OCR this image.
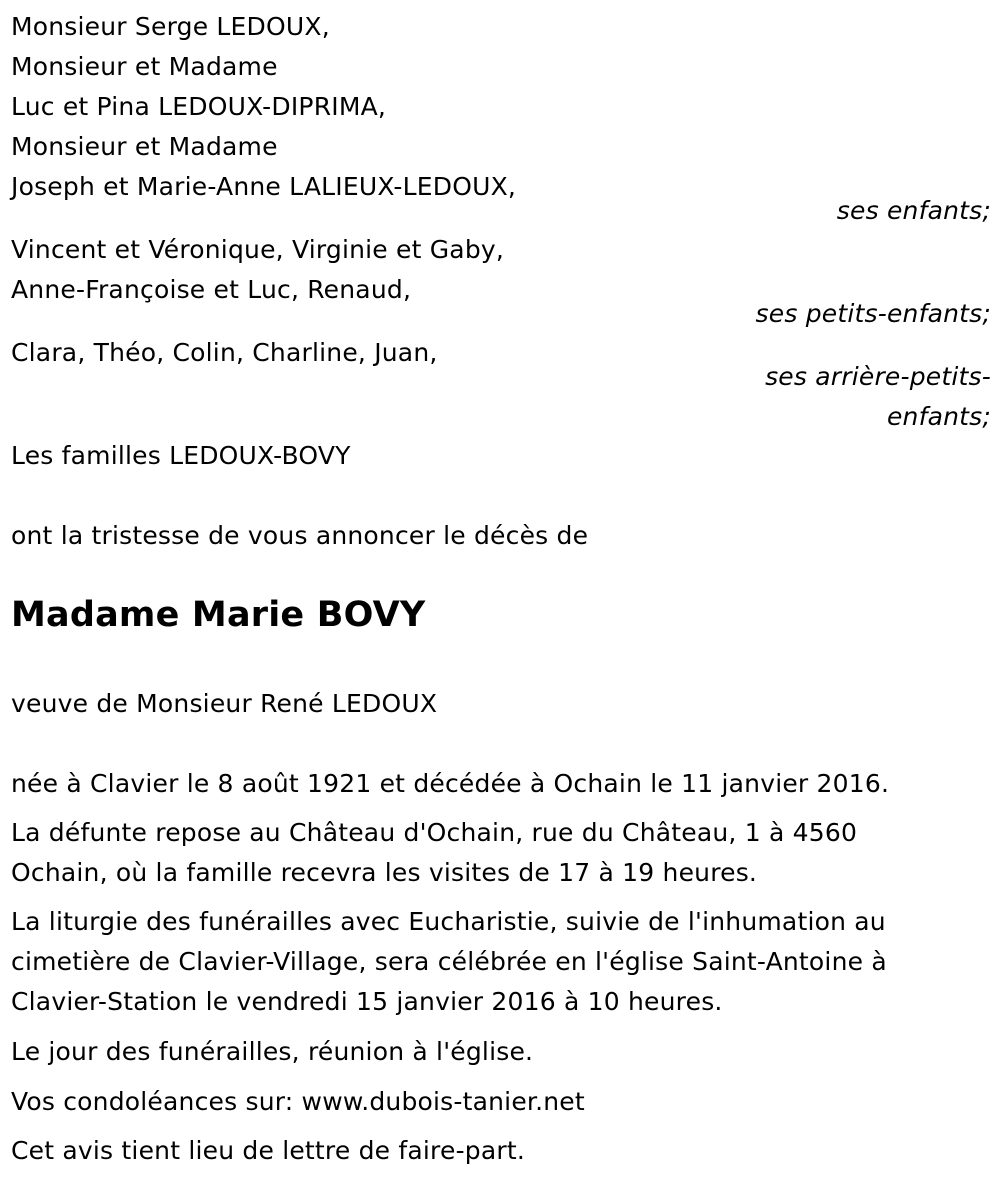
Monsieur Serge LEDOUX,
Monsieur et Madame
Luc et Pina LEDOUX-DIPRIMA,
Monsieur et Madame
Joseph et Marie-Anne LALIEUX-LEDOUX,
ses enfants;
Vincent et Véronique, Virginie et Gaby,
Anne-Françoise et Luc, Renaud,
ses petits-enfants;
Clara, Théo, Colin, Charline, Juan,
ses arrière-petits-
enfants;
Les familles LEDOUX-BOVY
ont la tristesse de vous annoncer le décès de
Madame Marie BOVY
veuve de Monsieur René LEDOUX
née à Clavier le 8 août 1921 et décédée à Ochain le 11 janvier 2016.
La défunte repose au Château d'Ochain, rue du Château, 1 à 4560
Ochain, où la famille recevra les visites de 17 à 19 heures.
La liturgie des funérailles avec Eucharistie, suivie de l'inhumation au
cimetière de Clavier-Village, sera célébrée en l'église Saint-Antoine à
Clavier-Station le vendredi 15 janvier 2016 à 10 heures.
Le jour des funérailles, réunion à l'église.
Vos condoléances sur: www.dubois-tanier.net
Cet avis tient lieu de lettre de faire-part.
